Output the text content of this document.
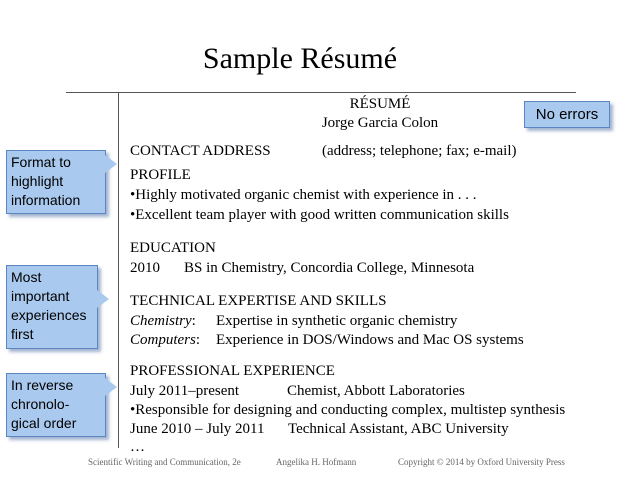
Sample Résumé
RÉSUMÉ
Jorge Garcia Colon
CONTACT ADDRESS	(address; telephone; fax; e-mail)
PROFILE
•Highly motivated organic chemist with experience in . . .
•Excellent team player with good written communication skills
EDUCATION
2010 BS in Chemistry, Concordia College, Minnesota
TECHNICAL EXPERTISE AND SKILLS
Chemistry: Expertise in synthetic organic chemistry
Computers: Experience in DOS/Windows and Mac OS systems
PROFESSIONAL EXPERIENCE
July 2011–present	Chemist, Abbott Laboratories
•Responsible for designing and conducting complex, multistep synthesis
June 2010 – July 2011 Technical Assistant, ABC University
…
No errors
Format to
highlight
information
Most
important
experiences
first
In reverse
chronolo-
gical order
Scientific Writing and Communication, 2e	Angelika H. Hofmann	Copyright © 2014 by Oxford University Press
